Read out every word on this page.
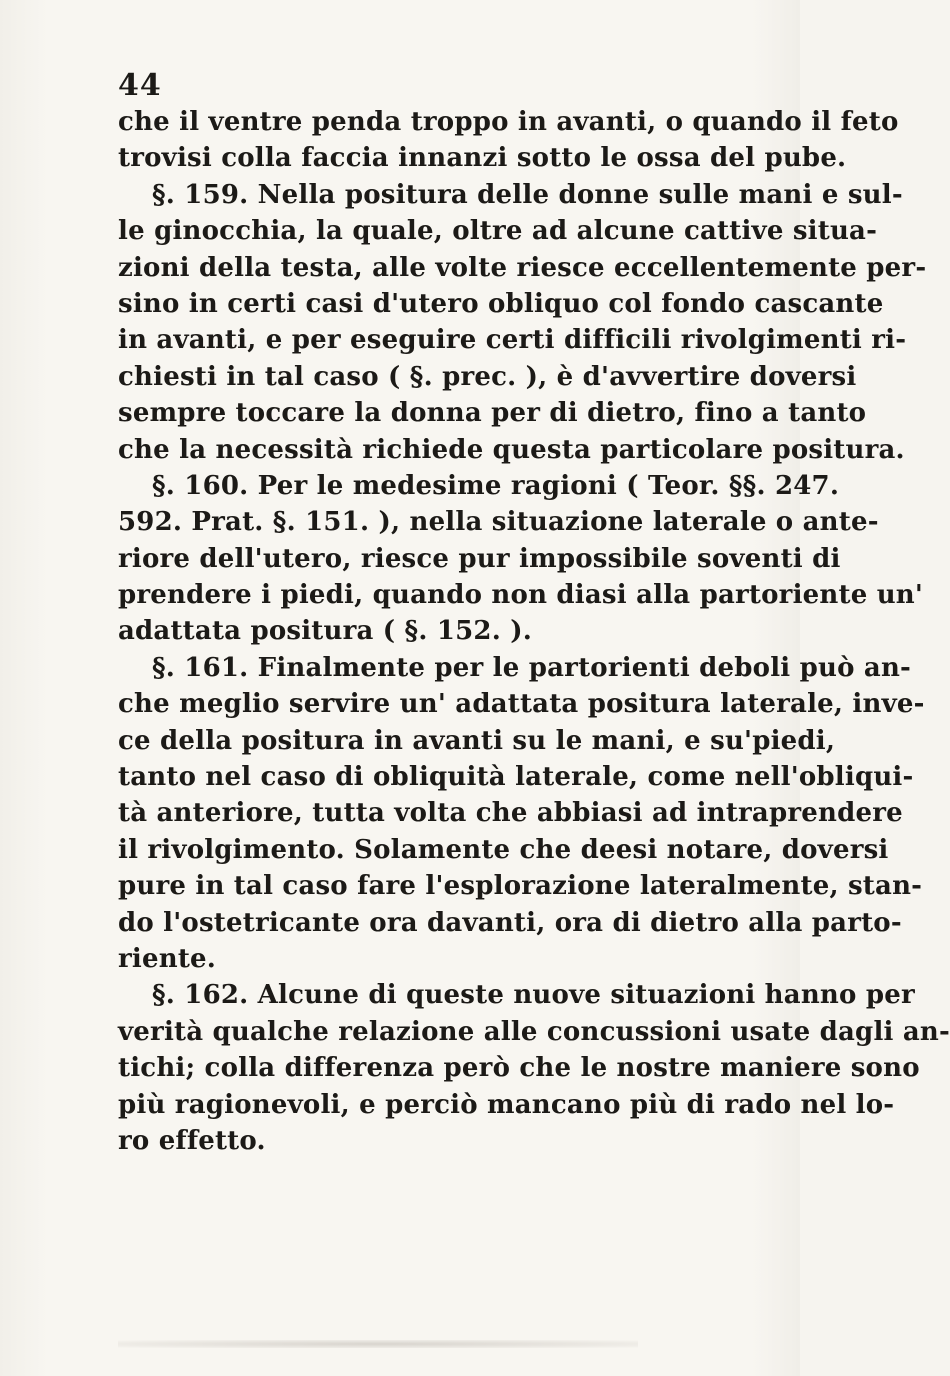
44
che il ventre penda troppo in avanti, o quando il feto
trovisi colla faccia innanzi sotto le ossa del pube.
§. 159. Nella positura delle donne sulle mani e sul-
le ginocchia, la quale, oltre ad alcune cattive situa-
zioni della testa, alle volte riesce eccellentemente per-
sino in certi casi d'utero obliquo col fondo cascante
in avanti, e per eseguire certi difficili rivolgimenti ri-
chiesti in tal caso ( §. prec. ), è d'avvertire doversi
sempre toccare la donna per di dietro, fino a tanto
che la necessità richiede questa particolare positura.
§. 160. Per le medesime ragioni ( Teor. §§. 247.
592. Prat. §. 151. ), nella situazione laterale o ante-
riore dell'utero, riesce pur impossibile soventi di
prendere i piedi, quando non diasi alla partoriente un'
adattata positura ( §. 152. ).
§. 161. Finalmente per le partorienti deboli può an-
che meglio servire un' adattata positura laterale, inve-
ce della positura in avanti su le mani, e su'piedi,
tanto nel caso di obliquità laterale, come nell'obliqui-
tà anteriore, tutta volta che abbiasi ad intraprendere
il rivolgimento. Solamente che deesi notare, doversi
pure in tal caso fare l'esplorazione lateralmente, stan-
do l'ostetricante ora davanti, ora di dietro alla parto-
riente.
§. 162. Alcune di queste nuove situazioni hanno per
verità qualche relazione alle concussioni usate dagli an-
tichi; colla differenza però che le nostre maniere sono
più ragionevoli, e perciò mancano più di rado nel lo-
ro effetto.
